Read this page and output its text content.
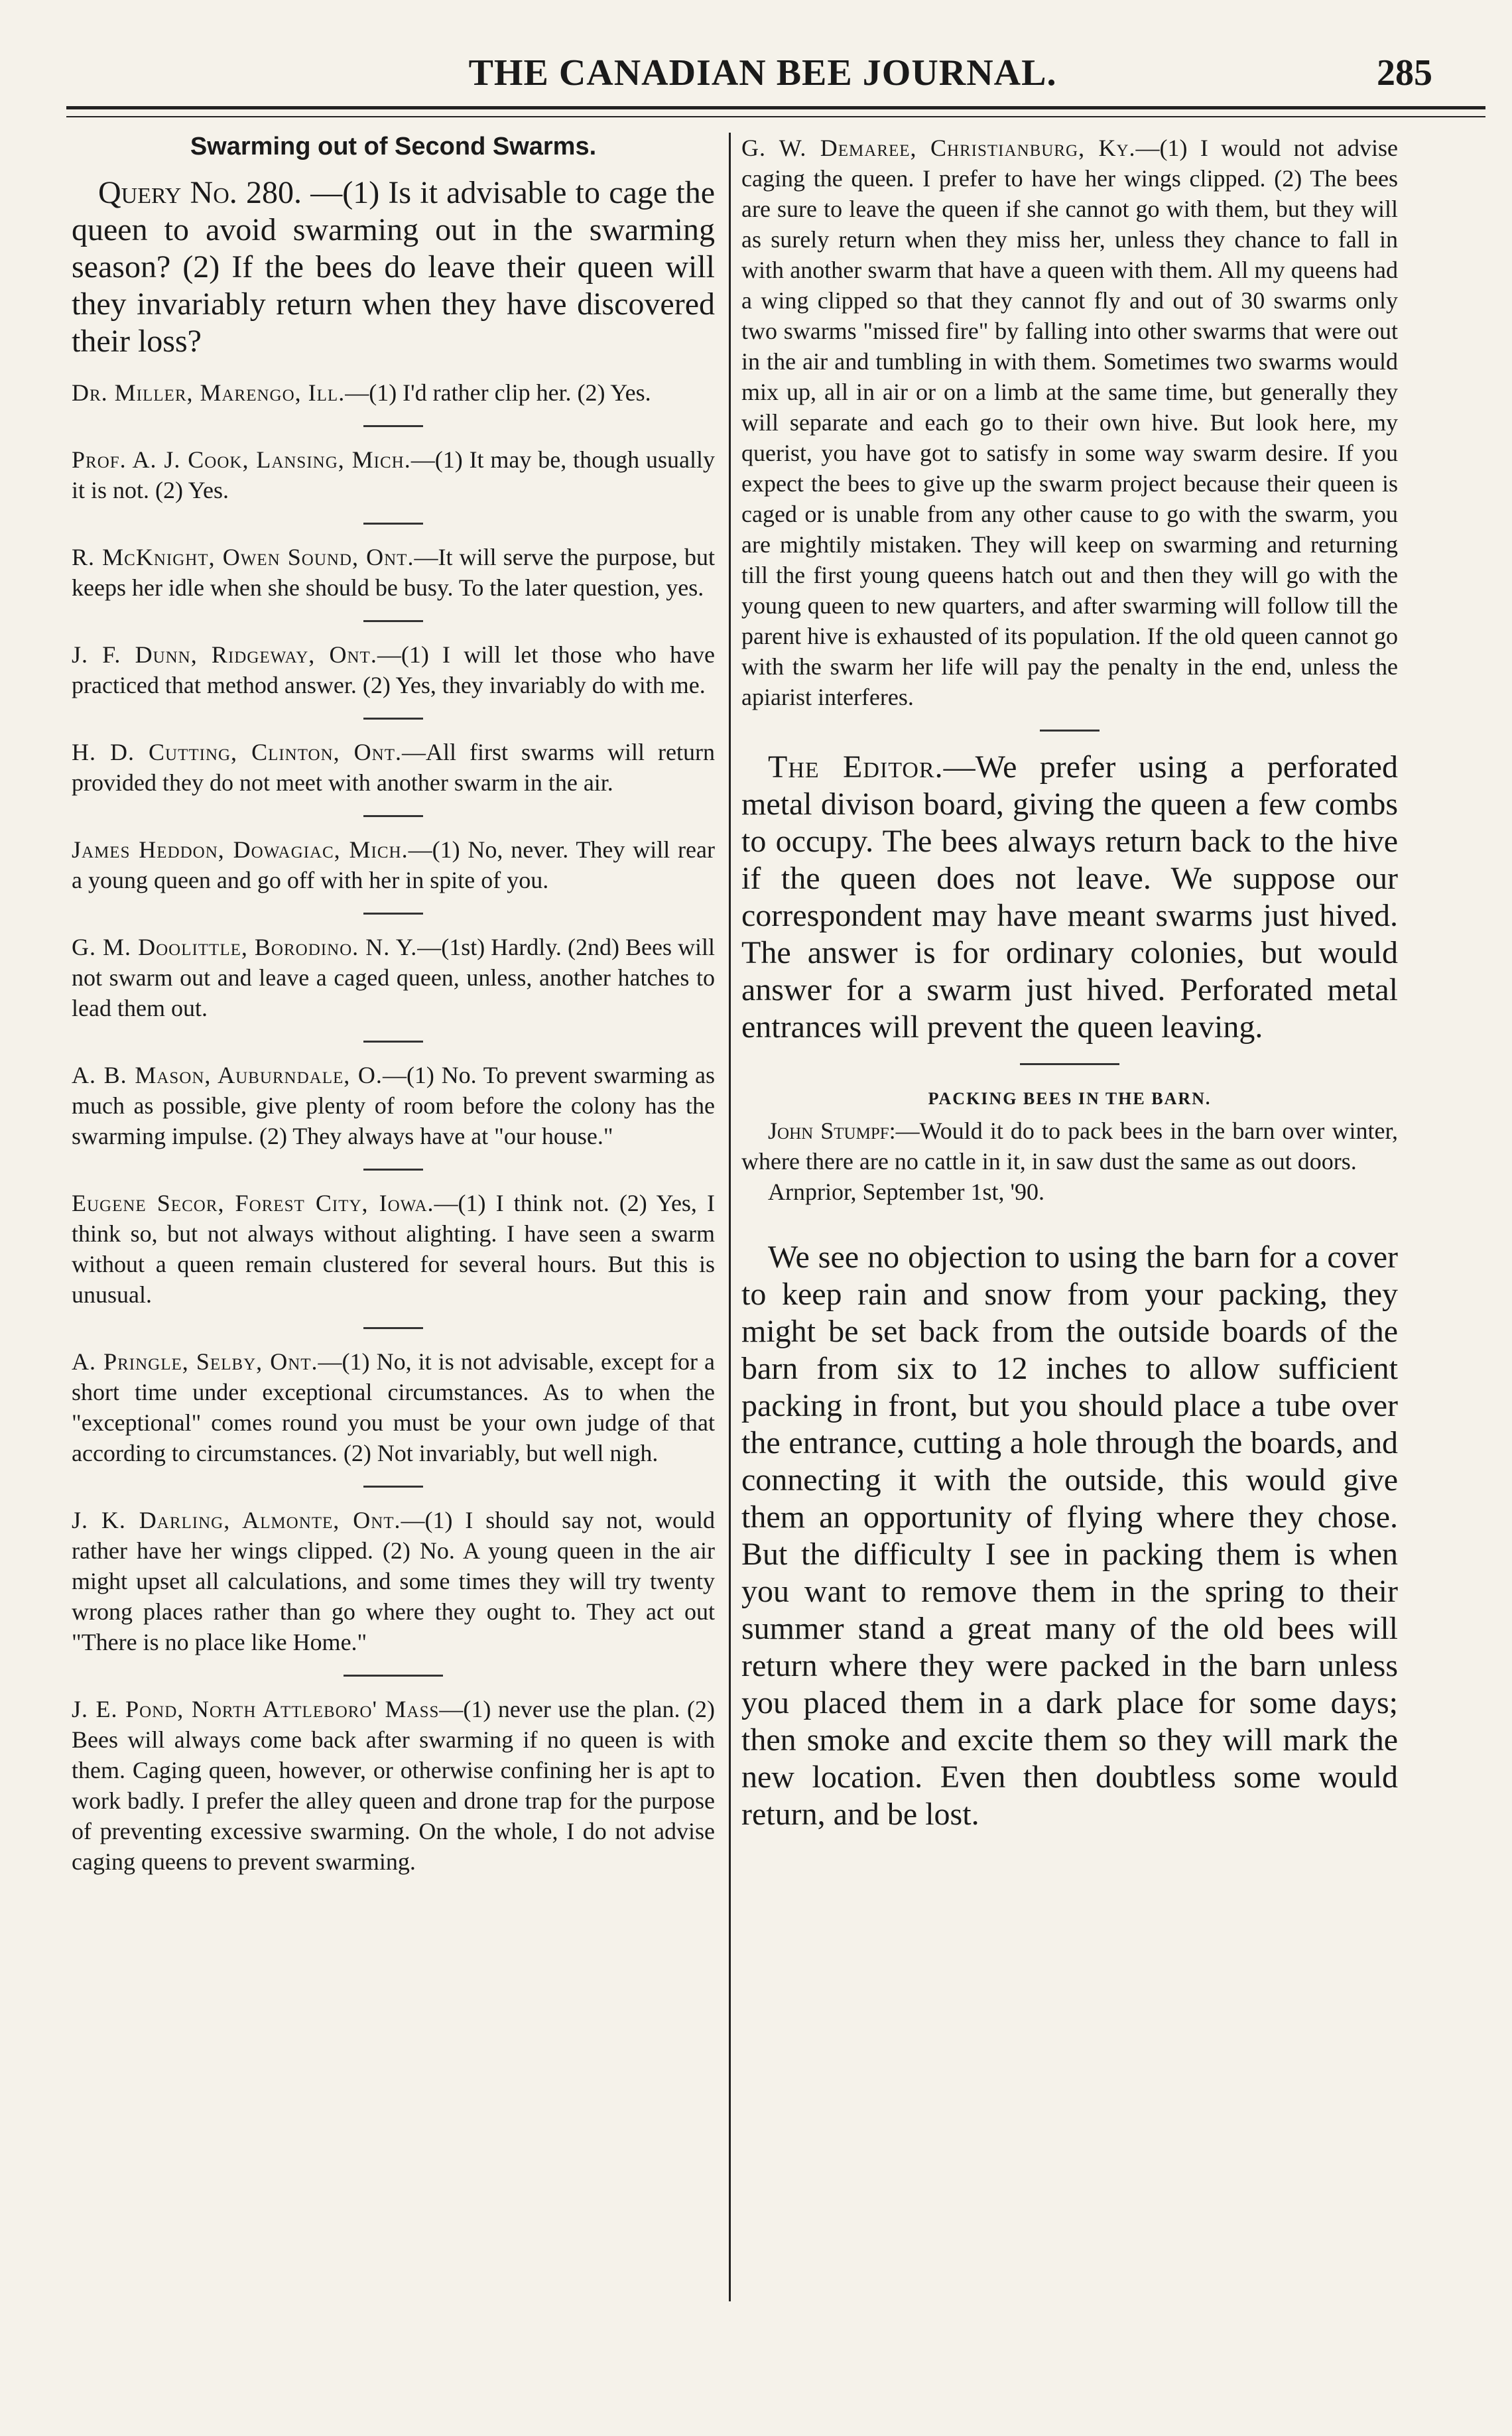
THE CANADIAN BEE JOURNAL.	285
Swarming out of Second Swarms.

Query No. 280. —(1) Is it advisable to cage the queen to avoid swarming out in the swarming season? (2) If the bees do leave their queen will they invariably return when they have discovered their loss?

Dr. Miller, Marengo, Ill.—(1) I'd rather clip her. (2) Yes.

Prof. A. J. Cook, Lansing, Mich.—(1) It may be, though usually it is not. (2) Yes.

R. McKnight, Owen Sound, Ont.—It will serve the purpose, but keeps her idle when she should be busy. To the later question, yes.

J. F. Dunn, Ridgeway, Ont.—(1) I will let those who have practiced that method answer. (2) Yes, they invariably do with me.

H. D. Cutting, Clinton, Ont.—All first swarms will return provided they do not meet with another swarm in the air.

James Heddon, Dowagiac, Mich.—(1) No, never. They will rear a young queen and go off with her in spite of you.

G. M. Doolittle, Borodino. N. Y.—(1st) Hardly. (2nd) Bees will not swarm out and leave a caged queen, unless, another hatches to lead them out.

A. B. Mason, Auburndale, O.—(1) No. To prevent swarming as much as possible, give plenty of room before the colony has the swarming impulse. (2) They always have at "our house."

Eugene Secor, Forest City, Iowa.—(1) I think not. (2) Yes, I think so, but not always without alighting. I have seen a swarm without a queen remain clustered for several hours. But this is unusual.

A. Pringle, Selby, Ont.—(1) No, it is not advisable, except for a short time under exceptional circumstances. As to when the "exceptional" comes round you must be your own judge of that according to circumstances. (2) Not invariably, but well nigh.

J. K. Darling, Almonte, Ont.—(1) I should say not, would rather have her wings clipped. (2) No. A young queen in the air might upset all calculations, and some times they will try twenty wrong places rather than go where they ought to. They act out "There is no place like Home."

J. E. Pond, North Attleboro' Mass—(1) never use the plan. (2) Bees will always come back after swarming if no queen is with them. Caging queen, however, or otherwise confining her is apt to work badly. I prefer the alley queen and drone trap for the purpose of preventing excessive swarming. On the whole, I do not advise caging queens to prevent swarming.

G. W. Demaree, Christianburg, Ky.—(1) I would not advise caging the queen. I prefer to have her wings clipped. (2) The bees are sure to leave the queen if she cannot go with them, but they will as surely return when they miss her, unless they chance to fall in with another swarm that have a queen with them. All my queens had a wing clipped so that they cannot fly and out of 30 swarms only two swarms "missed fire" by falling into other swarms that were out in the air and tumbling in with them. Sometimes two swarms would mix up, all in air or on a limb at the same time, but generally they will separate and each go to their own hive. But look here, my querist, you have got to satisfy in some way swarm desire. If you expect the bees to give up the swarm project because their queen is caged or is unable from any other cause to go with the swarm, you are mightily mistaken. They will keep on swarming and returning till the first young queens hatch out and then they will go with the young queen to new quarters, and after swarming will follow till the parent hive is exhausted of its population. If the old queen cannot go with the swarm her life will pay the penalty in the end, unless the apiarist interferes.

The Editor.—We prefer using a perforated metal divison board, giving the queen a few combs to occupy. The bees always return back to the hive if the queen does not leave. We suppose our correspondent may have meant swarms just hived. The answer is for ordinary colonies, but would answer for a swarm just hived. Perforated metal entrances will prevent the queen leaving.

PACKING BEES IN THE BARN.

John Stumpf:—Would it do to pack bees in the barn over winter, where there are no cattle in it, in saw dust the same as out doors.

Arnprior, September 1st, '90.

We see no objection to using the barn for a cover to keep rain and snow from your packing, they might be set back from the outside boards of the barn from six to 12 inches to allow sufficient packing in front, but you should place a tube over the entrance, cutting a hole through the boards, and connecting it with the outside, this would give them an opportunity of flying where they chose. But the difficulty I see in packing them is when you want to remove them in the spring to their summer stand a great many of the old bees will return where they were packed in the barn unless you placed them in a dark place for some days; then smoke and excite them so they will mark the new location. Even then doubtless some would return, and be lost.
